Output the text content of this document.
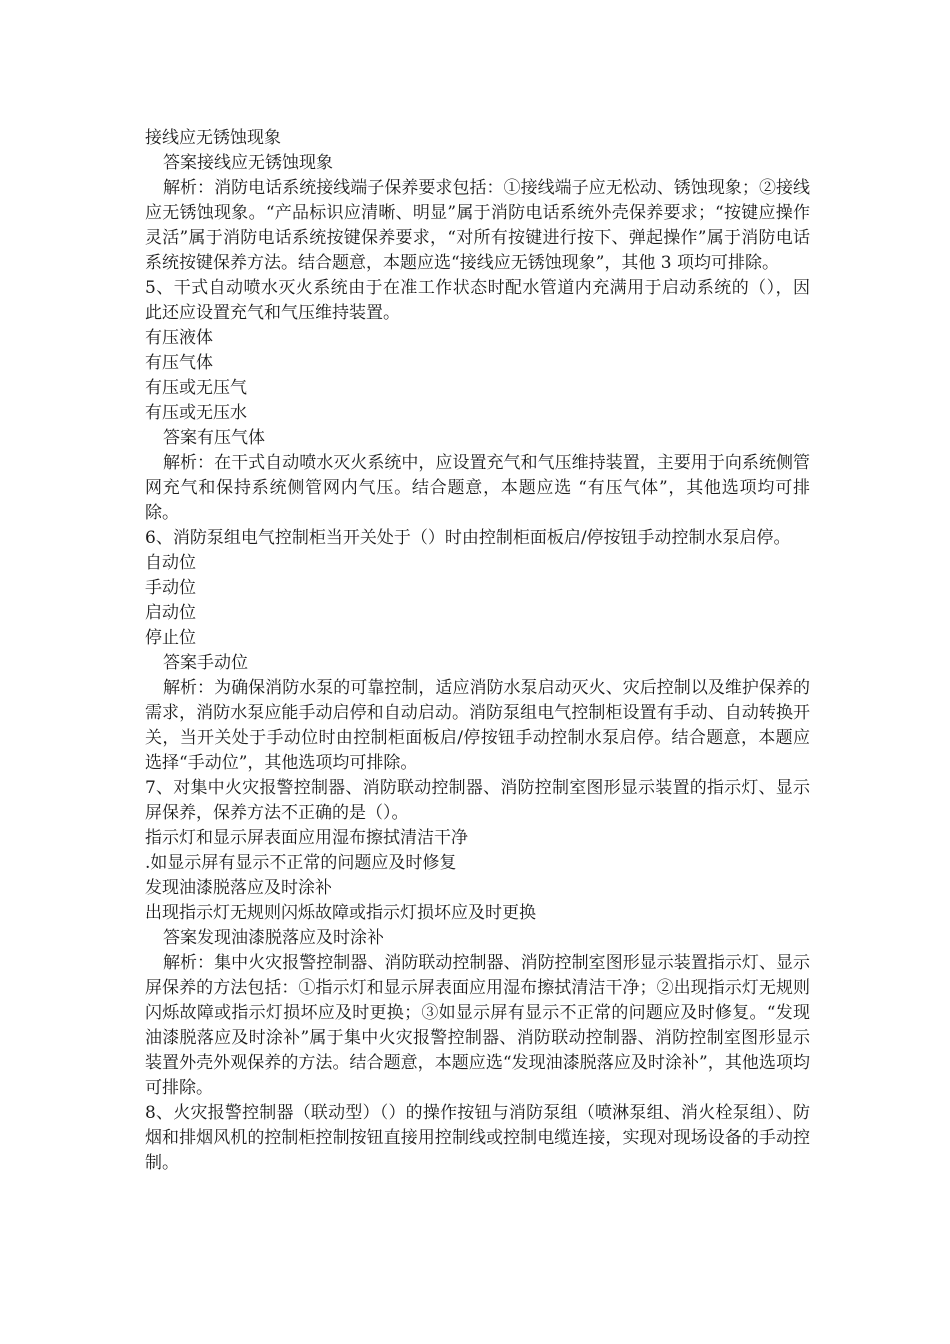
接线应无锈蚀现象

答案接线应无锈蚀现象

解析：消防电话系统接线端子保养要求包括：①接线端子应无松动、锈蚀现象；②接线应无锈蚀现象。“产品标识应清晰、明显”属于消防电话系统外壳保养要求；“按键应操作灵活”属于消防电话系统按键保养要求，“对所有按键进行按下、弹起操作”属于消防电话系统按键保养方法。结合题意，本题应选“接线应无锈蚀现象”，其他 3 项均可排除。

5、干式自动喷水灭火系统由于在准工作状态时配水管道内充满用于启动系统的（），因此还应设置充气和气压维持装置。

有压液体

有压气体

有压或无压气

有压或无压水

答案有压气体

解析：在干式自动喷水灭火系统中，应设置充气和气压维持装置，主要用于向系统侧管网充气和保持系统侧管网内气压。结合题意，本题应选 “有压气体”，其他选项均可排除。

6、消防泵组电气控制柜当开关处于（）时由控制柜面板启/停按钮手动控制水泵启停。

自动位

手动位

启动位

停止位

答案手动位

解析：为确保消防水泵的可靠控制，适应消防水泵启动灭火、灾后控制以及维护保养的需求，消防水泵应能手动启停和自动启动。消防泵组电气控制柜设置有手动、自动转换开关，当开关处于手动位时由控制柜面板启/停按钮手动控制水泵启停。结合题意，本题应选择“手动位”，其他选项均可排除。

7、对集中火灾报警控制器、消防联动控制器、消防控制室图形显示装置的指示灯、显示屏保养，保养方法不正确的是（）。

指示灯和显示屏表面应用湿布擦拭清洁干净

.如显示屏有显示不正常的问题应及时修复

发现油漆脱落应及时涂补

出现指示灯无规则闪烁故障或指示灯损坏应及时更换

答案发现油漆脱落应及时涂补

解析：集中火灾报警控制器、消防联动控制器、消防控制室图形显示装置指示灯、显示屏保养的方法包括：①指示灯和显示屏表面应用湿布擦拭清洁干净；②出现指示灯无规则闪烁故障或指示灯损坏应及时更换；③如显示屏有显示不正常的问题应及时修复。“发现油漆脱落应及时涂补”属于集中火灾报警控制器、消防联动控制器、消防控制室图形显示装置外壳外观保养的方法。结合题意，本题应选“发现油漆脱落应及时涂补”，其他选项均可排除。

8、火灾报警控制器（联动型）（）的操作按钮与消防泵组（喷淋泵组、消火栓泵组）、防烟和排烟风机的控制柜控制按钮直接用控制线或控制电缆连接，实现对现场设备的手动控制。
